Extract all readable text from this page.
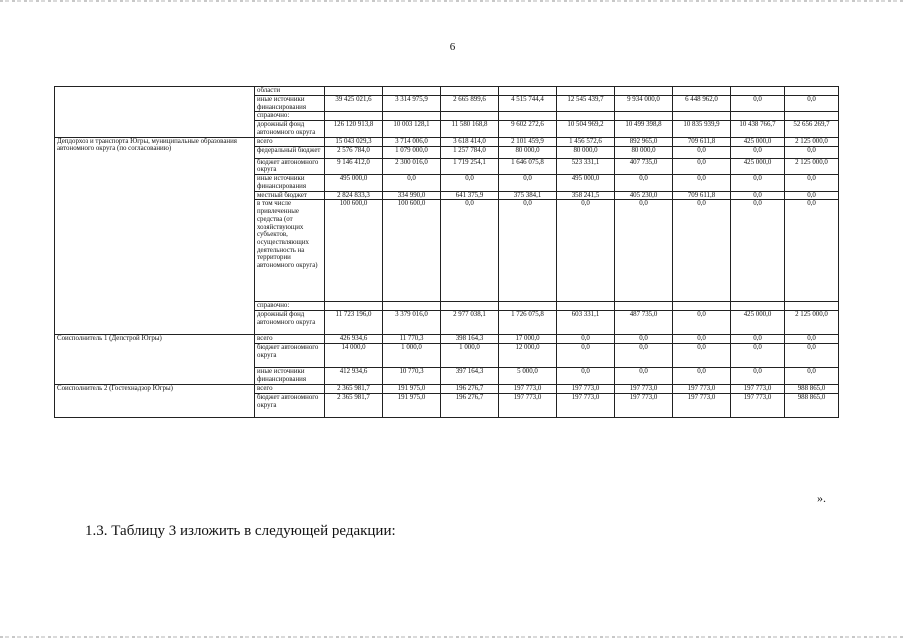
6
	области									
	иные источники финансирования	39 425 021,6	3 314 975,9	2 665 899,6	4 515 744,4	12 545 439,7	9 934 000,0	6 448 962,0	0,0	0,0
	справочно:									
	дорожный фонд автономного округа	126 120 913,8	10 003 128,1	11 580 168,8	9 602 272,6	10 504 969,2	10 499 398,8	10 835 939,9	10 438 766,7	52 656 269,7
Депдорхоз и транспорта Югры, муниципальные образования автономного округа (по согласованию)	всего	15 043 029,3	3 714 006,0	3 618 414,0	2 101 459,9	1 456 572,6	892 965,0	709 611,8	425 000,0	2 125 000,0
	федеральный бюджет	2 576 784,0	1 079 000,0	1 257 784,0	80 000,0	80 000,0	80 000,0	0,0	0,0	0,0
	бюджет автономного округа	9 146 412,0	2 300 016,0	1 719 254,1	1 646 075,8	523 331,1	407 735,0	0,0	425 000,0	2 125 000,0
	иные источники финансирования	495 000,0	0,0	0,0	0,0	495 000,0	0,0	0,0	0,0	0,0
	местный бюджет	2 824 833,3	334 990,0	641 375,9	375 384,1	358 241,5	405 230,0	709 611,8	0,0	0,0
	в том числе привлеченные средства (от хозяйствующих субъектов, осуществляющих деятельность на территории автономного округа)	100 600,0	100 600,0	0,0	0,0	0,0	0,0	0,0	0,0	0,0
	справочно:									
	дорожный фонд автономного округа	11 723 196,0	3 379 016,0	2 977 038,1	1 726 075,8	603 331,1	487 735,0	0,0	425 000,0	2 125 000,0
Соисполнитель 1 (Депстрой Югры)	всего	426 934,6	11 770,3	398 164,3	17 000,0	0,0	0,0	0,0	0,0	0,0
	бюджет автономного округа	14 000,0	1 000,0	1 000,0	12 000,0	0,0	0,0	0,0	0,0	0,0
	иные источники финансирования	412 934,6	10 770,3	397 164,3	5 000,0	0,0	0,0	0,0	0,0	0,0
Соисполнитель 2 (Гостехнадзор Югры)	всего	2 365 981,7	191 975,0	196 276,7	197 773,0	197 773,0	197 773,0	197 773,0	197 773,0	988 865,0
	бюджет автономного округа	2 365 981,7	191 975,0	196 276,7	197 773,0	197 773,0	197 773,0	197 773,0	197 773,0	988 865,0
».
1.3. Таблицу 3 изложить в следующей редакции:
